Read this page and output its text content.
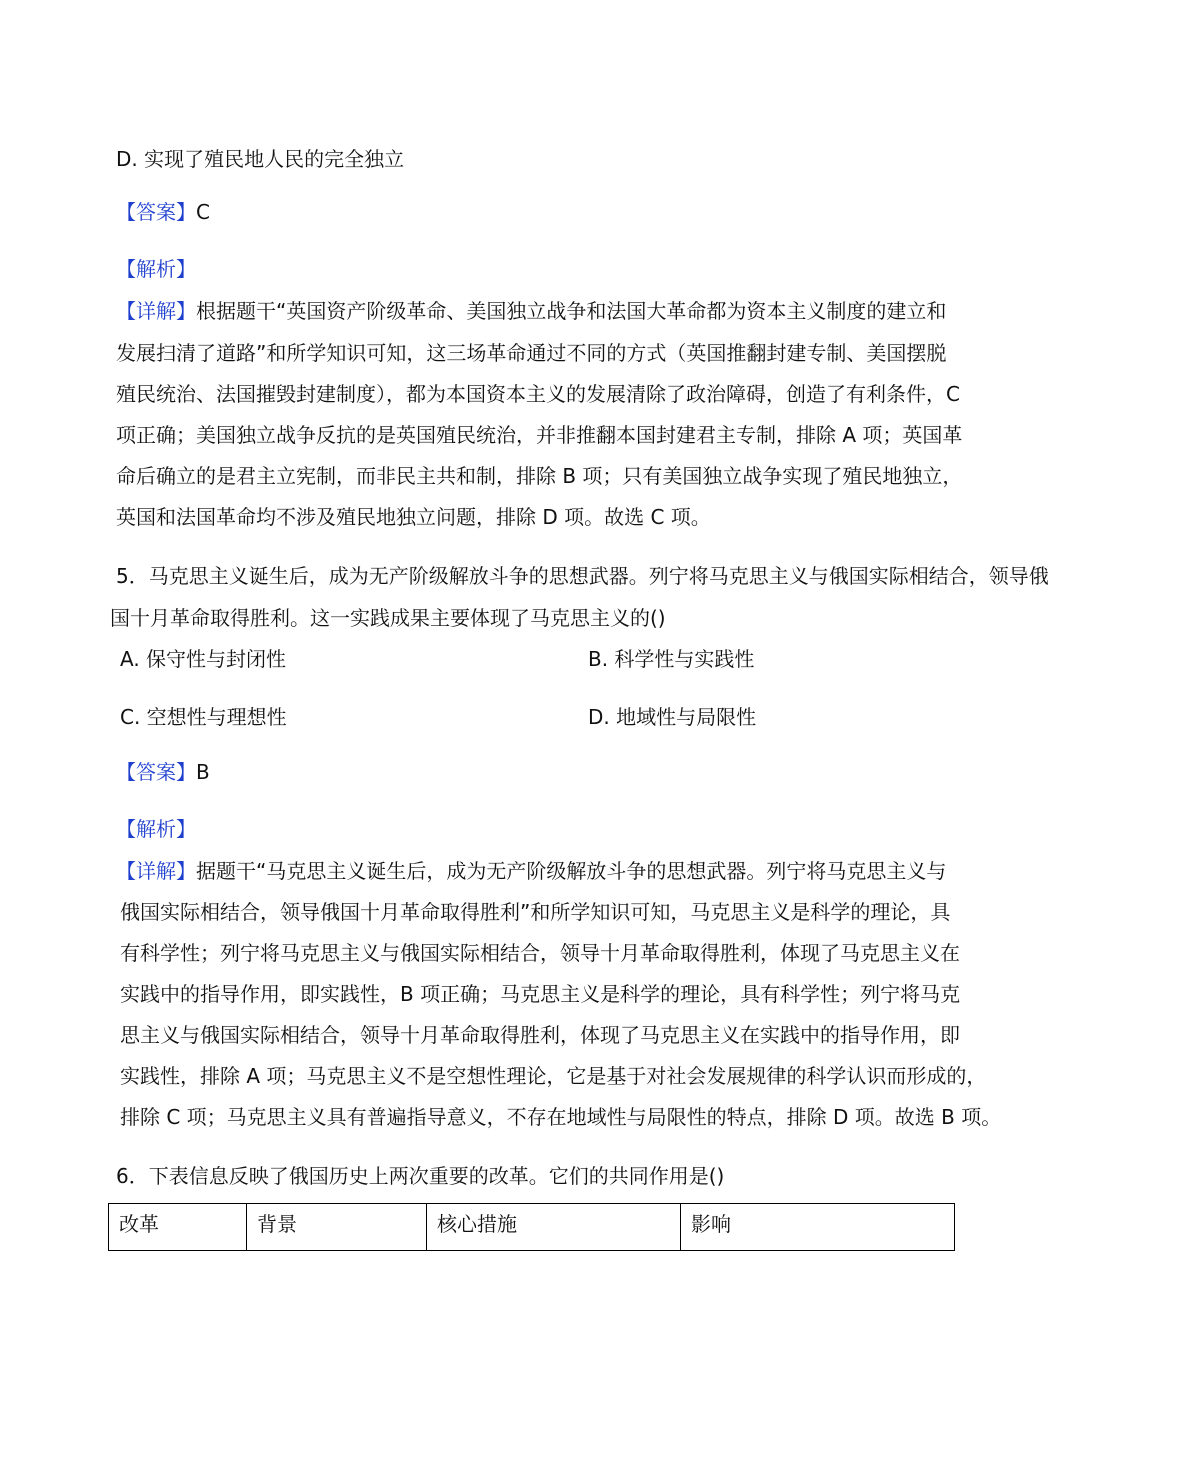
D. 实现了殖民地人民的完全独立
【答案】C
【解析】
【详解】根据题干“英国资产阶级革命、美国独立战争和法国大革命都为资本主义制度的建立和
发展扫清了道路”和所学知识可知，这三场革命通过不同的方式（英国推翻封建专制、美国摆脱
殖民统治、法国摧毁封建制度），都为本国资本主义的发展清除了政治障碍，创造了有利条件，C
项正确；美国独立战争反抗的是英国殖民统治，并非推翻本国封建君主专制，排除 A 项；英国革
命后确立的是君主立宪制，而非民主共和制，排除 B 项；只有美国独立战争实现了殖民地独立，
英国和法国革命均不涉及殖民地独立问题，排除 D 项。故选 C 项。
5．马克思主义诞生后，成为无产阶级解放斗争的思想武器。列宁将马克思主义与俄国实际相结合，领导俄
国十月革命取得胜利。这一实践成果主要体现了马克思主义的()
A. 保守性与封闭性	B. 科学性与实践性
C. 空想性与理想性	D. 地域性与局限性
【答案】B
【解析】
【详解】据题干“马克思主义诞生后，成为无产阶级解放斗争的思想武器。列宁将马克思主义与
俄国实际相结合，领导俄国十月革命取得胜利”和所学知识可知，马克思主义是科学的理论，具
有科学性；列宁将马克思主义与俄国实际相结合，领导十月革命取得胜利，体现了马克思主义在
实践中的指导作用，即实践性，B 项正确；马克思主义是科学的理论，具有科学性；列宁将马克
思主义与俄国实际相结合，领导十月革命取得胜利，体现了马克思主义在实践中的指导作用，即
实践性，排除 A 项；马克思主义不是空想性理论，它是基于对社会发展规律的科学认识而形成的，
排除 C 项；马克思主义具有普遍指导意义，不存在地域性与局限性的特点，排除 D 项。故选 B 项。
6．下表信息反映了俄国历史上两次重要的改革。它们的共同作用是()
改革	背景	核心措施	影响
